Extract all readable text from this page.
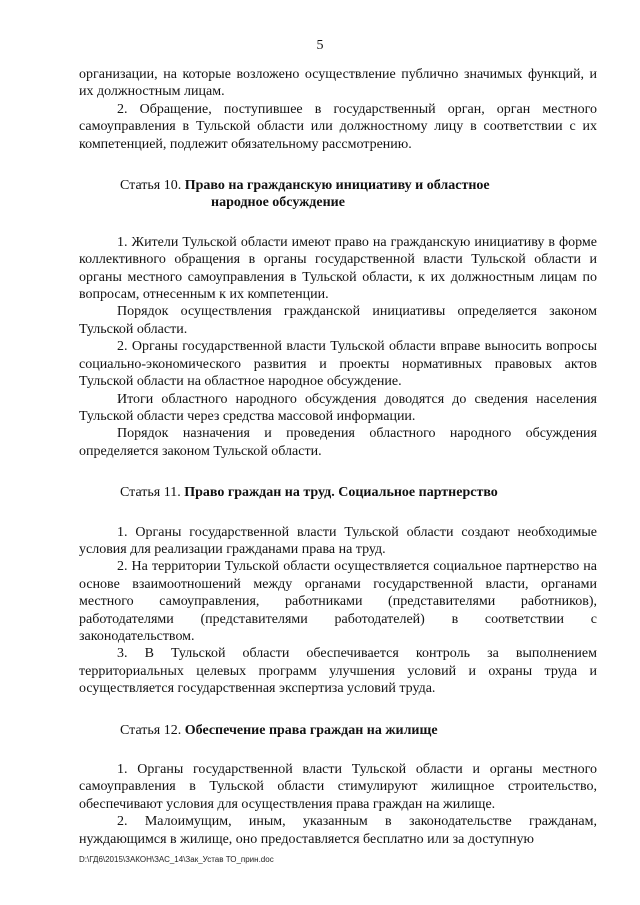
5

организации, на которые возложено осуществление публично значимых функций, и их должностным лицам.

2. Обращение, поступившее в государственный орган, орган местного самоуправления в Тульской области или должностному лицу в соответствии с их компетенцией, подлежит обязательному рассмотрению.

Статья 10. Право на гражданскую инициативу и областное
народное обсуждение

1. Жители Тульской области имеют право на гражданскую инициативу в форме коллективного обращения в органы государственной власти Тульской области и органы местного самоуправления в Тульской области, к их должностным лицам по вопросам, отнесенным к их компетенции.

Порядок осуществления гражданской инициативы определяется законом Тульской области.

2. Органы государственной власти Тульской области вправе выносить вопросы социально-экономического развития и проекты нормативных правовых актов Тульской области на областное народное обсуждение.

Итоги областного народного обсуждения доводятся до сведения населения Тульской области через средства массовой информации.

Порядок назначения и проведения областного народного обсуждения определяется законом Тульской области.

Статья 11. Право граждан на труд. Социальное партнерство

1. Органы государственной власти Тульской области создают необходимые условия для реализации гражданами права на труд.

2. На территории Тульской области осуществляется социальное партнерство на основе взаимоотношений между органами государственной власти, органами местного самоуправления, работниками (представителями работников), работодателями (представителями работодателей) в соответствии с законодательством.

3. В Тульской области обеспечивается контроль за выполнением территориальных целевых программ улучшения условий и охраны труда и осуществляется государственная экспертиза условий труда.

Статья 12. Обеспечение права граждан на жилище

1. Органы государственной власти Тульской области и органы местного самоуправления в Тульской области стимулируют жилищное строительство, обеспечивают условия для осуществления права граждан на жилище.

2. Малоимущим, иным, указанным в законодательстве гражданам, нуждающимся в жилище, оно предоставляется бесплатно или за доступную

D:\ГД6\2015\ЗАКОН\ЗАС_14\Зак_Устав ТО_прин.doc
